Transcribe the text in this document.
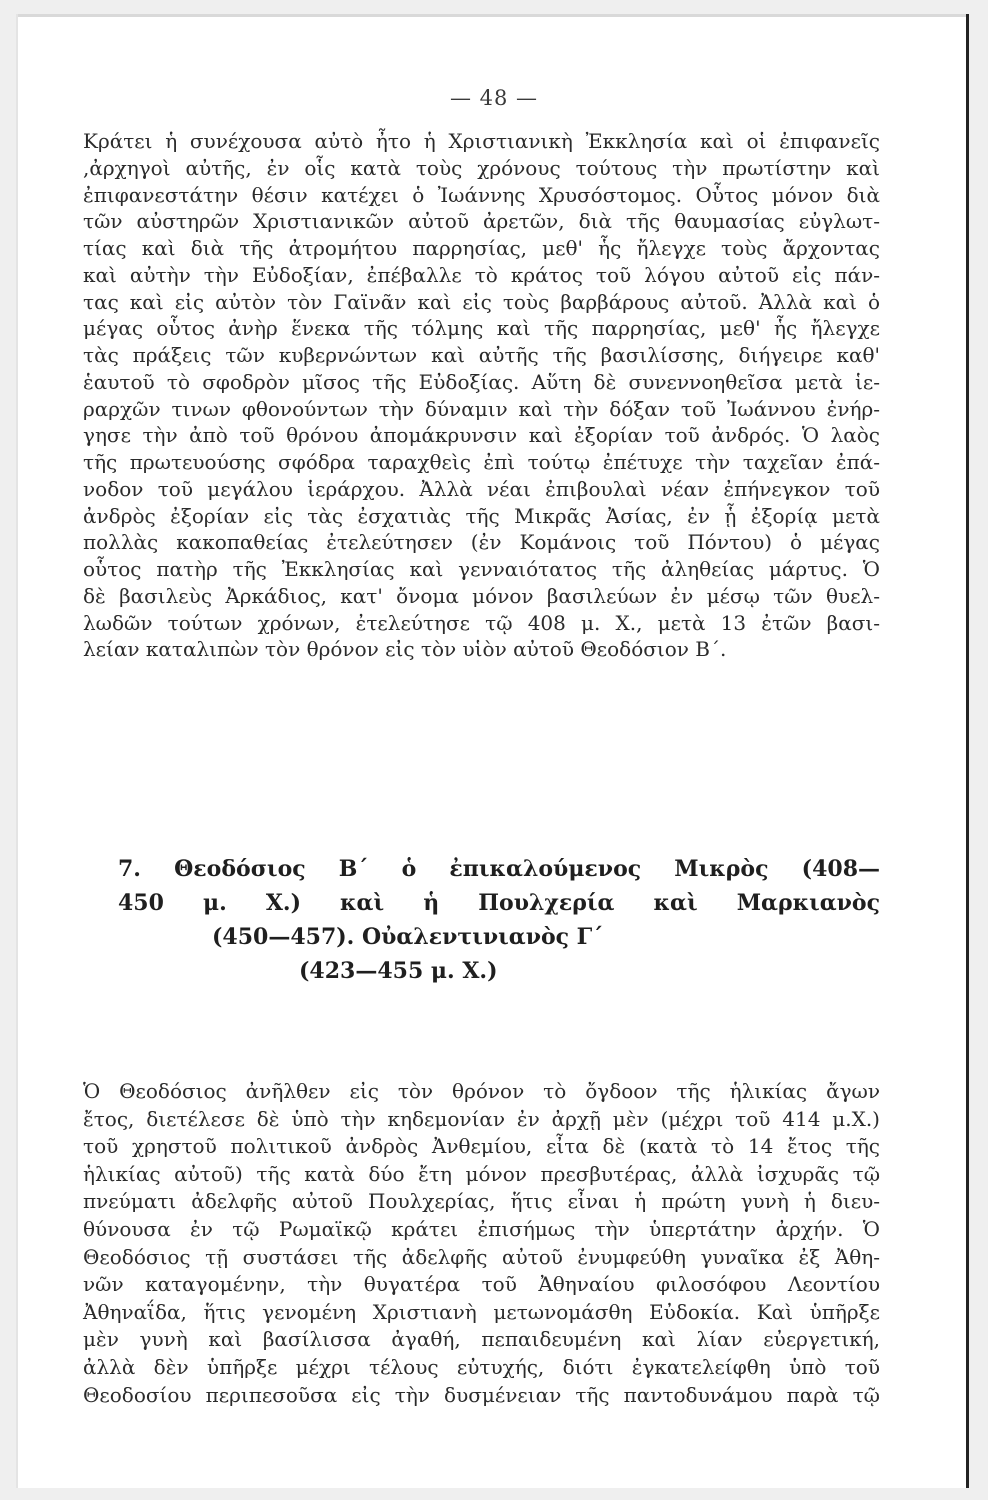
— 48 —
Κράτει ἡ συνέχουσα αὐτὸ ἦτο ἡ Χριστιανικὴ Ἐκκλησία καὶ οἱ ἐπιφανεῖς
,ἀρχηγοὶ αὐτῆς, ἐν οἷς κατὰ τοὺς χρόνους τούτους τὴν πρωτίστην καὶ
ἐπιφανεστάτην θέσιν κατέχει ὁ Ἰωάννης Χρυσόστομος. Οὗτος μόνον διὰ
τῶν αὐστηρῶν Χριστιανικῶν αὐτοῦ ἀρετῶν, διὰ τῆς θαυμασίας εὐγλωτ-
τίας καὶ διὰ τῆς ἀτρομήτου παρρησίας, μεθ' ἧς ἤλεγχε τοὺς ἄρχοντας
καὶ αὐτὴν τὴν Εὐδοξίαν, ἐπέβαλλε τὸ κράτος τοῦ λόγου αὐτοῦ εἰς πάν-
τας καὶ εἰς αὐτὸν τὸν Γαϊνᾶν καὶ εἰς τοὺς βαρβάρους αὐτοῦ. Ἀλλὰ καὶ ὁ
μέγας οὗτος ἀνὴρ ἕνεκα τῆς τόλμης καὶ τῆς παρρησίας, μεθ' ἧς ἤλεγχε
τὰς πράξεις τῶν κυβερνώντων καὶ αὐτῆς τῆς βασιλίσσης, διήγειρε καθ'
ἑαυτοῦ τὸ σφοδρὸν μῖσος τῆς Εὐδοξίας. Αὕτη δὲ συνεννοηθεῖσα μετὰ ἱε-
ραρχῶν τινων φθονούντων τὴν δύναμιν καὶ τὴν δόξαν τοῦ Ἰωάννου ἐνήρ-
γησε τὴν ἀπὸ τοῦ θρόνου ἀπομάκρυνσιν καὶ ἐξορίαν τοῦ ἀνδρός. Ὁ λαὸς
τῆς πρωτευούσης σφόδρα ταραχθεὶς ἐπὶ τούτῳ ἐπέτυχε τὴν ταχεῖαν ἐπά-
νοδον τοῦ μεγάλου ἱεράρχου. Ἀλλὰ νέαι ἐπιβουλαὶ νέαν ἐπήνεγκον τοῦ
ἀνδρὸς ἐξορίαν εἰς τὰς ἐσχατιὰς τῆς Μικρᾶς Ἀσίας, ἐν ᾗ ἐξορίᾳ μετὰ
πολλὰς κακοπαθείας ἐτελεύτησεν (ἐν Κομάνοις τοῦ Πόντου) ὁ μέγας
οὗτος πατὴρ τῆς Ἐκκλησίας καὶ γενναιότατος τῆς ἀληθείας μάρτυς. Ὁ
δὲ βασιλεὺς Ἀρκάδιος, κατ' ὄνομα μόνον βασιλεύων ἐν μέσῳ τῶν θυελ-
λωδῶν τούτων χρόνων, ἐτελεύτησε τῷ 408 μ. Χ., μετὰ 13 ἐτῶν βασι-
λείαν καταλιπὼν τὸν θρόνον εἰς τὸν υἱὸν αὐτοῦ Θεοδόσιον Β΄.
7. Θεοδόσιος Β΄ ὁ ἐπικαλούμενος Μικρὸς (408—
450 μ. Χ.) καὶ ἡ Πουλχερία καὶ Μαρκιανὸς
(450—457). Οὐαλεντινιανὸς Γ΄
(423—455 μ. Χ.)
Ὁ Θεοδόσιος ἀνῆλθεν εἰς τὸν θρόνον τὸ ὄγδοον τῆς ἡλικίας ἄγων
ἔτος, διετέλεσε δὲ ὑπὸ τὴν κηδεμονίαν ἐν ἀρχῇ μὲν (μέχρι τοῦ 414 μ.Χ.)
τοῦ χρηστοῦ πολιτικοῦ ἀνδρὸς Ἀνθεμίου, εἶτα δὲ (κατὰ τὸ 14 ἔτος τῆς
ἡλικίας αὐτοῦ) τῆς κατὰ δύο ἔτη μόνον πρεσβυτέρας, ἀλλὰ ἰσχυρᾶς τῷ
πνεύματι ἀδελφῆς αὐτοῦ Πουλχερίας, ἥτις εἶναι ἡ πρώτη γυνὴ ἡ διευ-
θύνουσα ἐν τῷ Ρωμαϊκῷ κράτει ἐπισήμως τὴν ὑπερτάτην ἀρχήν. Ὁ
Θεοδόσιος τῇ συστάσει τῆς ἀδελφῆς αὐτοῦ ἐνυμφεύθη γυναῖκα ἐξ Ἀθη-
νῶν καταγομένην, τὴν θυγατέρα τοῦ Ἀθηναίου φιλοσόφου Λεοντίου
Ἀθηναΐδα, ἥτις γενομένη Χριστιανὴ μετωνομάσθη Εὐδοκία. Καὶ ὑπῆρξε
μὲν γυνὴ καὶ βασίλισσα ἀγαθή, πεπαιδευμένη καὶ λίαν εὐεργετική,
ἀλλὰ δὲν ὑπῆρξε μέχρι τέλους εὐτυχής, διότι ἐγκατελείφθη ὑπὸ τοῦ
Θεοδοσίου περιπεσοῦσα εἰς τὴν δυσμένειαν τῆς παντοδυνάμου παρὰ τῷ
